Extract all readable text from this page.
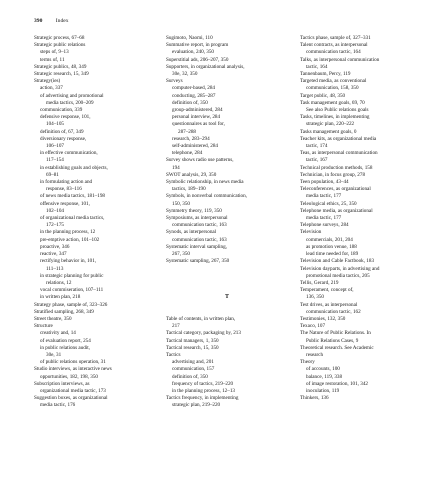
390 Index
Strategic process, 67–68
Strategic public relations
steps of, 9–13
terms of, 11
Strategic publics, 48, 349
Strategic research, 15, 349
Strategy(ies)
action, 337
of advertising and promotional
media tactics, 200–209
communication, 339
defensive response, 101,
104–105
definition of, 67, 349
diversionary response,
106–107
in effective communication,
117–154
in establishing goals and objects,
69–81
in formulating action and
response, 83–116
of news media tactics, 181–198
offensive response, 101,
102–104
of organizational media tactics,
172–175
in the planning process, 12
pre-emptive action, 101–102
proactive, 346
reactive, 347
rectifying behavior in, 101,
111–113
in strategic planning for public
relations, 12
vocal commiseration, 107–111
in written plan, 218
Strategy phase, sample of, 323–326
Stratified sampling, 268, 349
Street theatre, 350
Structure
creativity and, 14
of evaluation report, 254
in public relations audit,
30e, 31
of public relations operation, 31
Studio interviews, as interactive news
opportunities, 182, 198, 350
Subscription interviews, as
organizational media tactic, 173
Suggestion boxes, as organizational
media tactic, 176
Sugimoto, Naomi, 110
Summative report, in program
evaluation, 240, 350
Superstitial ads, 206–207, 350
Supporters, in organizational analysis,
30e, 32, 350
Surveys
computer-based, 284
conducting, 285–287
definition of, 350
group-administered, 284
personal interview, 284
questionnaires as tool for,
287–288
research, 283–294
self-administered, 284
telephone, 284
Survey shows radio use patterns,
194
SWOT analysis, 29, 350
Symbolic relationship, in news media
tactics, 189–190
Symbols, in nonverbal communication,
150, 350
Symmetry theory, 119, 350
Symposiums, as interpersonal
communication tactic, 163
Synods, as interpersonal
communication tactic, 163
Systematic interval sampling,
267, 350
Systematic sampling, 267, 350

T

Table of contents, in written plan,
217
Tactical category, packaging by, 213
Tactical managers, 1, 350
Tactical research, 15, 350
Tactics
advertising and, 201
communication, 157
definition of, 350
frequency of tactics, 219–220
in the planning process, 12–13
Tactics frequency, in implementing
strategic plan, 219–220
Tactics phase, sample of, 327–331
Talent contracts, as interpersonal
communication tactic, 164
Talks, as interpersonal communication
tactic, 164
Tannenbaum, Percy, 119
Targeted media, as conventional
communication, 158, 350
Target public, 48, 350
Task management goals, 69, 70
See also Public relations goals
Tasks, timelines, in implementing
strategic plan, 220–222
Tasks management goals, 0
Teacher kits, as organizational media
tactic, 174
Teas, as interpersonal communication
tactic, 167
Technical production methods, 158
Technician, in focus group, 278
Teen population, 43–44
Teleconferences, as organizational
media tactic, 177
Teleological ethics, 25, 350
Telephone media, as organizational
media tactic, 177
Telephone surveys, 284
Television
commercials, 201, 204
as promotion venue, 188
lead time needed for, 189
Television and Cable Factbook, 183
Television dayparts, in advertising and
promotional media tactics, 205
Tellis, Gerard, 219
Temperament, concept of,
136, 350
Test drives, as interpersonal
communication tactic, 162
Testimonies, 132, 350
Texaco, 107
The Nature of Public Relations. In
Public Relations Cases, 9
Theoretical research. See Academic
research
Theory
of accounts, 100
balance, 119, 338
of image restoration, 101, 342
inoculation, 119
Thinkers, 136
